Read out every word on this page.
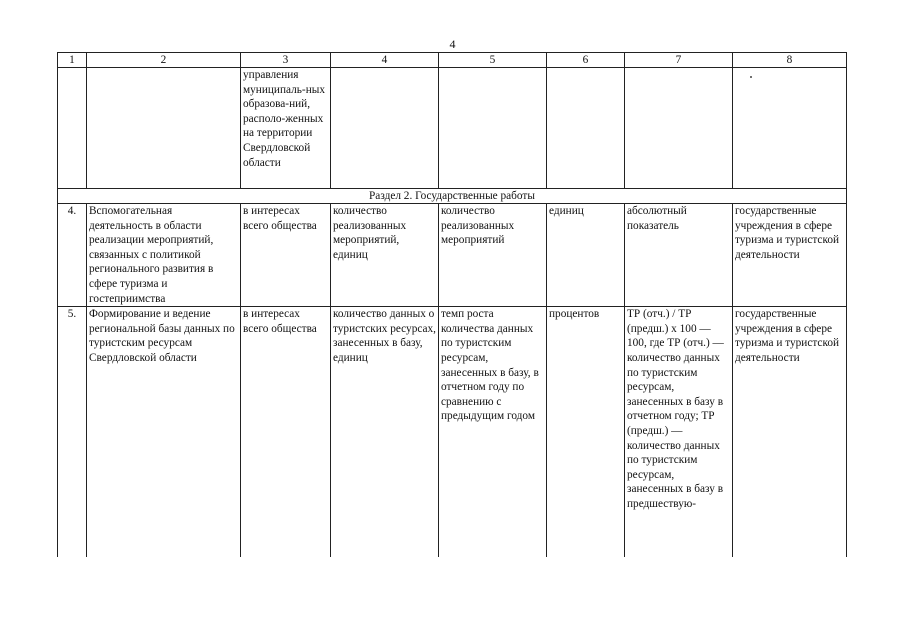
4
1	2	3	4	5	6	7	8
		управления муниципаль-ных образова-ний, располо-женных на территории Свердловской области					
Раздел 2. Государственные работы							
4.	Вспомогательная деятельность в области реализации мероприятий, связанных с политикой регионального развития в сфере туризма и гостеприимства	в интересах всего общества	количество реализованных мероприятий, единиц	количество реализованных мероприятий	единиц	абсолютный показатель	государственные учреждения в сфере туризма и туристской деятельности
5.	Формирование и ведение региональной базы данных по туристским ресурсам Свердловской области	в интересах всего общества	количество данных о туристских ресурсах, занесенных в базу, единиц	темп роста количества данных по туристским ресурсам, занесенных в базу, в отчетном году по сравнению с предыдущим годом	процентов	ТР (отч.) / ТР (предш.) х 100 — 100, где ТР (отч.) — количество данных по туристским ресурсам, занесенных в базу в отчетном году; ТР (предш.) — количество данных по туристским ресурсам, занесенных в базу в предшествую-	государственные учреждения в сфере туризма и туристской деятельности
